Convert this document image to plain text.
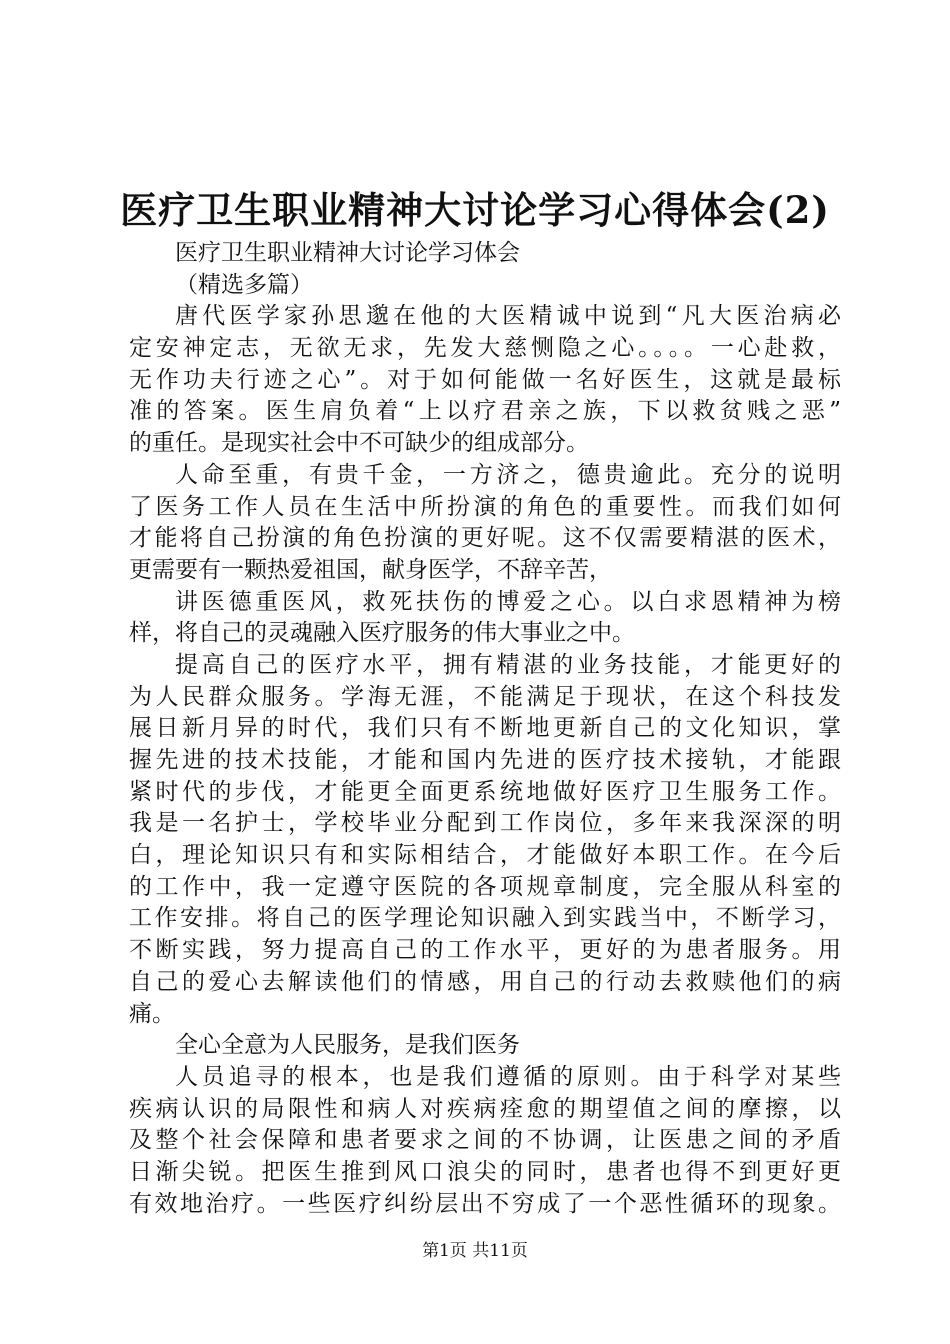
医疗卫生职业精神大讨论学习心得体会(2)
医疗卫生职业精神大讨论学习体会
（精选多篇）
唐代医学家孙思邈在他的大医精诚中说到“凡大医治病必
定安神定志，无欲无求，先发大慈恻隐之心。。。。一心赴救，
无作功夫行迹之心”。对于如何能做一名好医生，这就是最标
准的答案。医生肩负着“上以疗君亲之族，下以救贫贱之恶”
的重任。是现实社会中不可缺少的组成部分。
人命至重，有贵千金，一方济之，德贵逾此。充分的说明
了医务工作人员在生活中所扮演的角色的重要性。而我们如何
才能将自己扮演的角色扮演的更好呢。这不仅需要精湛的医术，
更需要有一颗热爱祖国，献身医学，不辞辛苦，
讲医德重医风，救死扶伤的博爱之心。以白求恩精神为榜
样，将自己的灵魂融入医疗服务的伟大事业之中。
提高自己的医疗水平，拥有精湛的业务技能，才能更好的
为人民群众服务。学海无涯，不能满足于现状，在这个科技发
展日新月异的时代，我们只有不断地更新自己的文化知识，掌
握先进的技术技能，才能和国内先进的医疗技术接轨，才能跟
紧时代的步伐，才能更全面更系统地做好医疗卫生服务工作。
我是一名护士，学校毕业分配到工作岗位，多年来我深深的明
白，理论知识只有和实际相结合，才能做好本职工作。在今后
的工作中，我一定遵守医院的各项规章制度，完全服从科室的
工作安排。将自己的医学理论知识融入到实践当中，不断学习，
不断实践，努力提高自己的工作水平，更好的为患者服务。用
自己的爱心去解读他们的情感，用自己的行动去救赎他们的病
痛。
全心全意为人民服务，是我们医务
人员追寻的根本，也是我们遵循的原则。由于科学对某些
疾病认识的局限性和病人对疾病痊愈的期望值之间的摩擦，以
及整个社会保障和患者要求之间的不协调，让医患之间的矛盾
日渐尖锐。把医生推到风口浪尖的同时，患者也得不到更好更
有效地治疗。一些医疗纠纷层出不穷成了一个恶性循环的现象。
第1页 共11页
